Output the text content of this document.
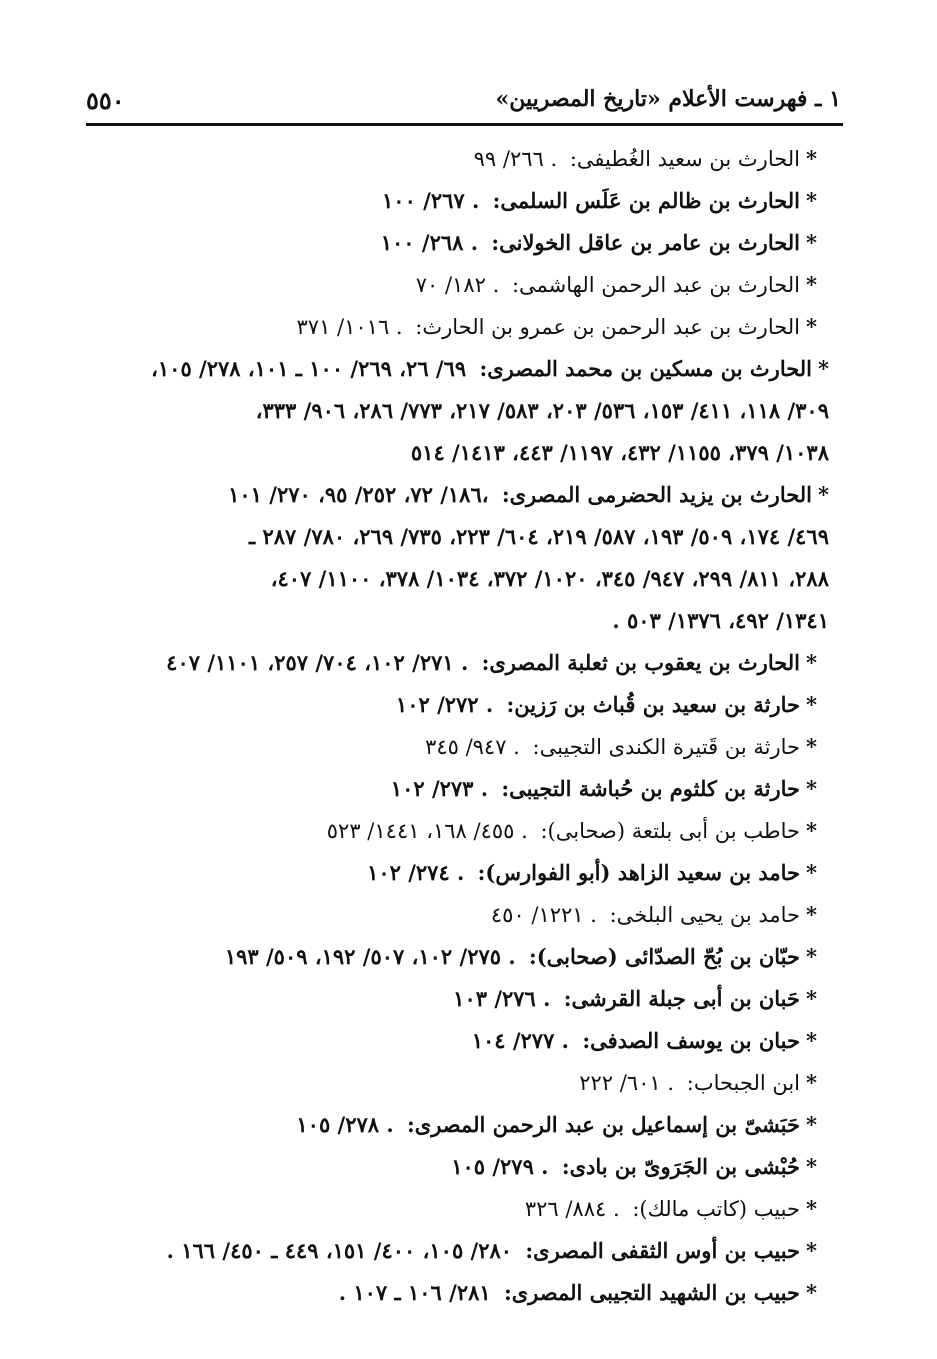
١ ـ فهرست الأعلام «تاريخ المصريين»
٥٥٠
*الحارث بن سعيد الغُطيفى: ٢٦٦/ ٩٩ .
*الحارث بن ظالم بن عَلَس السلمى: ٢٦٧/ ١٠٠ .
*الحارث بن عامر بن عاقل الخولانى: ٢٦٨/ ١٠٠ .
*الحارث بن عبد الرحمن الهاشمى: ١٨٢/ ٧٠ .
*الحارث بن عبد الرحمن بن عمرو بن الحارث: ١٠١٦/ ٣٧١ .
*الحارث بن مسكين بن محمد المصرى: ٦٩/ ٢٦، ٢٦٩/ ١٠٠ ـ ١٠١، ٢٧٨/ ١٠٥،
٣٠٩/ ١١٨، ٤١١/ ١٥٣، ٥٣٦/ ٢٠٣، ٥٨٣/ ٢١٧، ٧٧٣/ ٢٨٦، ٩٠٦/ ٣٣٣،
١٠٣٨/ ٣٧٩، ١١٥٥/ ٤٣٢، ١١٩٧/ ٤٤٣، ١٤١٣/ ٥١٤
*الحارث بن يزيد الحضرمى المصرى: ١٨٦/ ٧٢، ٢٥٢/ ٩٥، ٢٧٠/ ١٠١،
٤٦٩/ ١٧٤، ٥٠٩/ ١٩٣، ٥٨٧/ ٢١٩، ٦٠٤/ ٢٢٣، ٧٣٥/ ٢٦٩، ٧٨٠/ ٢٨٧ ـ
٢٨٨، ٨١١/ ٢٩٩، ٩٤٧/ ٣٤٥، ١٠٢٠/ ٣٧٢، ١٠٣٤/ ٣٧٨، ١١٠٠/ ٤٠٧،
١٣٤١/ ٤٩٢، ١٣٧٦/ ٥٠٣ .
*الحارث بن يعقوب بن ثعلبة المصرى: ٢٧١/ ١٠٢، ٧٠٤/ ٢٥٧، ١١٠١/ ٤٠٧ .
*حارثة بن سعيد بن قُباث بن رَزين: ٢٧٢/ ١٠٢ .
*حارثة بن قَتيرة الكندى التجيبى: ٩٤٧/ ٣٤٥ .
*حارثة بن كلثوم بن حُباشة التجيبى: ٢٧٣/ ١٠٢ .
*حاطب بن أبى بلتعة (صحابى): ٤٥٥/ ١٦٨، ١٤٤١/ ٥٢٣ .
*حامد بن سعيد الزاهد (أبو الفوارس): ٢٧٤/ ١٠٢ .
*حامد بن يحيى البلخى: ١٢٢١/ ٤٥٠ .
*حبّان بن بُحّ الصدّائى (صحابى): ٢٧٥/ ١٠٢، ٥٠٧/ ١٩٢، ٥٠٩/ ١٩٣ .
*حَبان بن أبى جبلة القرشى: ٢٧٦/ ١٠٣ .
*حبان بن يوسف الصدفى: ٢٧٧/ ١٠٤ .
*ابن الجبحاب: ٦٠١/ ٢٢٢ .
*حَبَشىّ بن إسماعيل بن عبد الرحمن المصرى: ٢٧٨/ ١٠٥ .
*حُبْشى بن الجَرَوىّ بن بادى: ٢٧٩/ ١٠٥ .
*حبيب (كاتب مالك): ٨٨٤/ ٣٢٦ .
*حبيب بن أوس الثقفى المصرى: ٢٨٠/ ١٠٥، ٤٠٠/ ١٥١، ٤٤٩ ـ ٤٥٠/ ١٦٦ .
*حبيب بن الشهيد التجيبى المصرى: ٢٨١/ ١٠٦ ـ ١٠٧ .
